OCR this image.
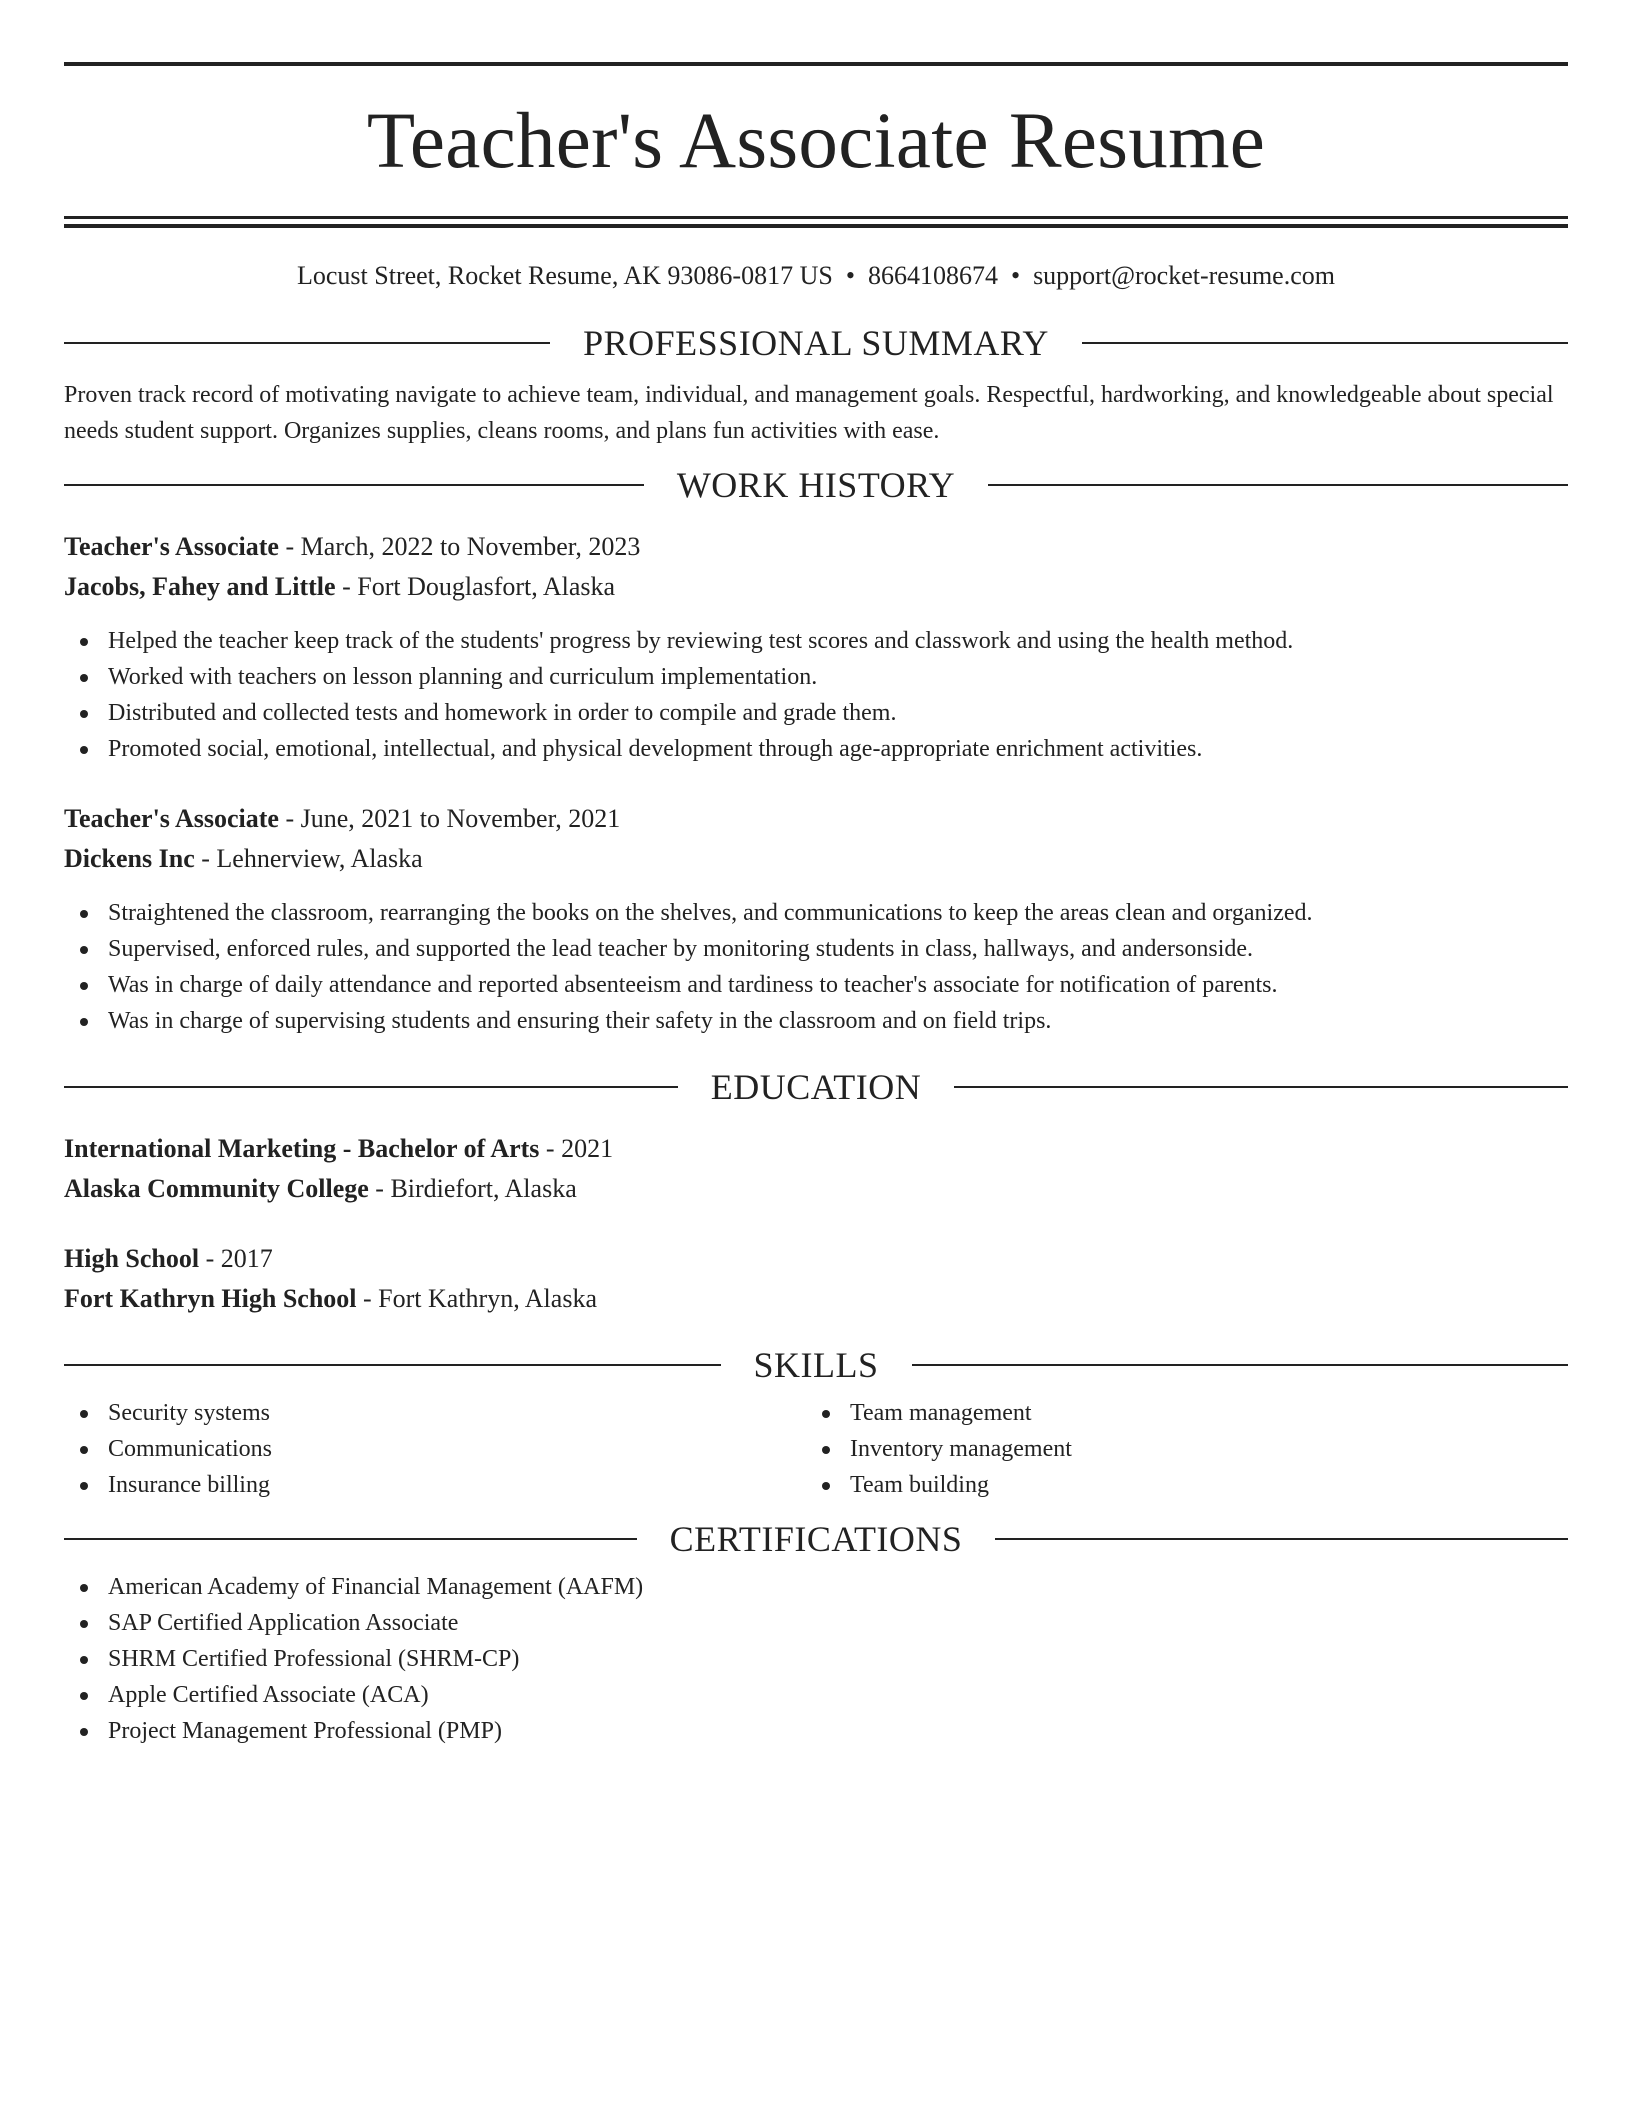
Teacher's Associate Resume
Locust Street, Rocket Resume, AK 93086-0817 US • 8664108674 • support@rocket-resume.com
PROFESSIONAL SUMMARY

Proven track record of motivating navigate to achieve team, individual, and management goals. Respectful, hardworking, and knowledgeable about special needs student support. Organizes supplies, cleans rooms, and plans fun activities with ease.

WORK HISTORY
Teacher's Associate - March, 2022 to November, 2023
Jacobs, Fahey and Little - Fort Douglasfort, Alaska
Helped the teacher keep track of the students' progress by reviewing test scores and classwork and using the health method.
Worked with teachers on lesson planning and curriculum implementation.
Distributed and collected tests and homework in order to compile and grade them.
Promoted social, emotional, intellectual, and physical development through age-appropriate enrichment activities.
Teacher's Associate - June, 2021 to November, 2021
Dickens Inc - Lehnerview, Alaska
Straightened the classroom, rearranging the books on the shelves, and communications to keep the areas clean and organized.
Supervised, enforced rules, and supported the lead teacher by monitoring students in class, hallways, and andersonside.
Was in charge of daily attendance and reported absenteeism and tardiness to teacher's associate for notification of parents.
Was in charge of supervising students and ensuring their safety in the classroom and on field trips.
EDUCATION
International Marketing - Bachelor of Arts - 2021
Alaska Community College - Birdiefort, Alaska
High School - 2017
Fort Kathryn High School - Fort Kathryn, Alaska
SKILLS
Security systems
Communications
Insurance billing
Team management
Inventory management
Team building
CERTIFICATIONS
American Academy of Financial Management (AAFM)
SAP Certified Application Associate
SHRM Certified Professional (SHRM-CP)
Apple Certified Associate (ACA)
Project Management Professional (PMP)
